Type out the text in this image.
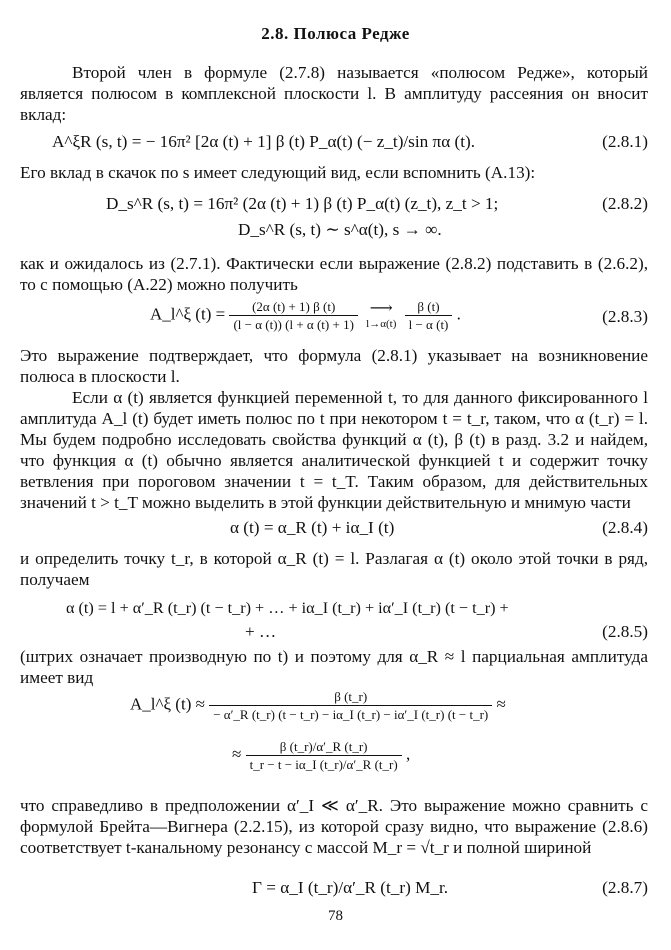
2.8. Полюса Редже
Второй член в формуле (2.7.8) называется «полюсом Редже», который является полюсом в комплексной плоскости l. В амплитуду рассеяния он вносит вклад:
A^ξR (s, t) = − 16π² [2α (t) + 1] β (t) P_α(t) (− z_t)/sin πα (t).	(2.8.1)
Его вклад в скачок по s имеет следующий вид, если вспомнить (А.13):
D_s^R (s, t) = 16π² (2α (t) + 1) β (t) P_α(t) (z_t), z_t > 1;	(2.8.2)
D_s^R (s, t) ∼ s^α(t), s → ∞.
как и ожидалось из (2.7.1). Фактически если выражение (2.8.2) подставить в (2.6.2), то с помощью (А.22) можно получить
A_l^ξ $(t) = \frac{(2\alpha (t) + 1) \beta (t)}{(l - \alpha (t)) (l + \alpha (t) + 1)}$
⟶
l→α(t)
$\frac{\beta (t)}{l - \alpha (t)}$ .	(2.8.3)
Это выражение подтверждает, что формула (2.8.1) указывает на возникновение полюса в плоскости l.
Если α (t) является функцией переменной t, то для данного фиксированного l амплитуда A_l (t) будет иметь полюс по t при некотором t = t_r, таком, что α (t_r) = l. Мы будем подробно исследовать свойства функций α (t), β (t) в разд. 3.2 и найдем, что функция α (t) обычно является аналитической функцией t и содержит точку ветвления при пороговом значении t = t_T. Таким образом, для действительных значений t > t_T можно выделить в этой функции действительную и мнимую части
α (t) = α_R (t) + iα_I (t)	(2.8.4)
и определить точку t_r, в которой α_R (t) = l. Разлагая α (t) около этой точки в ряд, получаем
α (t) = l + α′_R (t_r) (t − t_r) + … + iα_I (t_r) + iα′_I (t_r) (t − t_r) +
+ …	(2.8.5)
(штрих означает производную по t) и поэтому для α_R ≈ l парциальная амплитуда имеет вид
A_l^ξ $(t) \approx \frac{\beta (t\_r)}{- \alpha'\_R (t\_r) (t - t\_r) - i\alpha\_I (t\_r) - i\alpha'\_I (t\_r) (t - t\_r)}$ ≈
≈ $\frac{\beta (t\_r)/\alpha'\_R (t\_r)}{t\_r - t - i\alpha\_I (t\_r)/\alpha'\_R (t\_r)}$ ,
что справедливо в предположении α′_I ≪ α′_R. Это выражение можно сравнить с формулой Брейта—Вигнера (2.2.15), из которой сразу видно, что выражение (2.8.6) соответствует t-канальному резонансу с массой M_r = √t_r и полной шириной
Γ = α_I (t_r)/α′_R (t_r) M_r.	(2.8.7)
78
